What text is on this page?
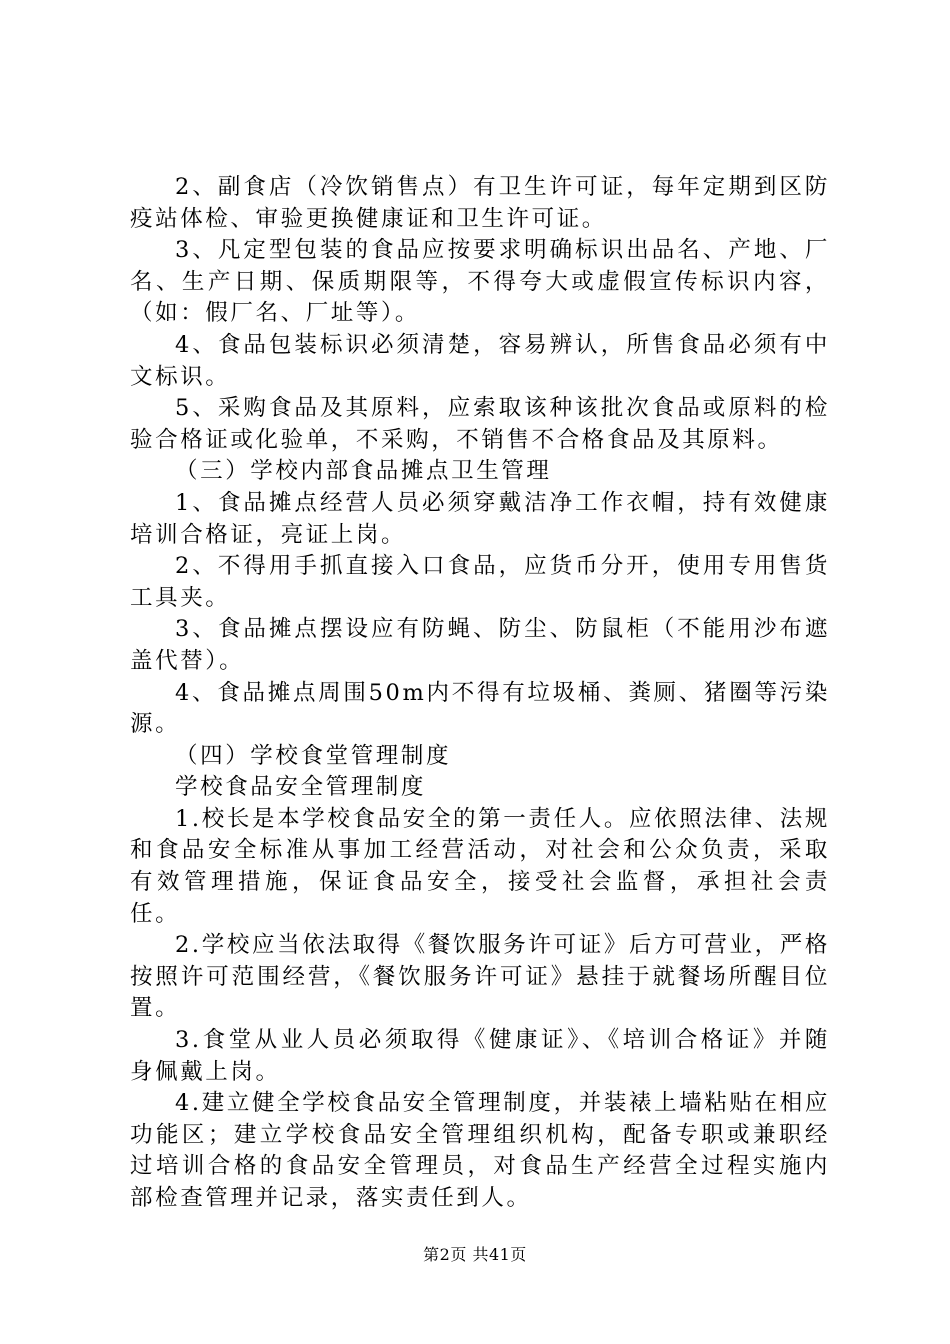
2、副食店（冷饮销售点）有卫生许可证，每年定期到区防疫站体检、审验更换健康证和卫生许可证。

3、凡定型包装的食品应按要求明确标识出品名、产地、厂名、生产日期、保质期限等，不得夸大或虚假宣传标识内容，（如：假厂名、厂址等）。

4、食品包装标识必须清楚，容易辨认，所售食品必须有中文标识。

5、采购食品及其原料，应索取该种该批次食品或原料的检验合格证或化验单，不采购，不销售不合格食品及其原料。

（三）学校内部食品摊点卫生管理

1、食品摊点经营人员必须穿戴洁净工作衣帽，持有效健康培训合格证，亮证上岗。

2、不得用手抓直接入口食品，应货币分开，使用专用售货工具夹。

3、食品摊点摆设应有防蝇、防尘、防鼠柜（不能用沙布遮盖代替）。

4、食品摊点周围50m内不得有垃圾桶、粪厕、猪圈等污染源。

（四）学校食堂管理制度

学校食品安全管理制度

1.校长是本学校食品安全的第一责任人。应依照法律、法规和食品安全标准从事加工经营活动，对社会和公众负责，采取有效管理措施，保证食品安全，接受社会监督，承担社会责任。

2.学校应当依法取得《餐饮服务许可证》后方可营业，严格按照许可范围经营，《餐饮服务许可证》悬挂于就餐场所醒目位置。

3.食堂从业人员必须取得《健康证》、《培训合格证》并随身佩戴上岗。

4.建立健全学校食品安全管理制度，并装裱上墙粘贴在相应功能区；建立学校食品安全管理组织机构，配备专职或兼职经过培训合格的食品安全管理员，对食品生产经营全过程实施内部检查管理并记录，落实责任到人。

第2页 共41页
